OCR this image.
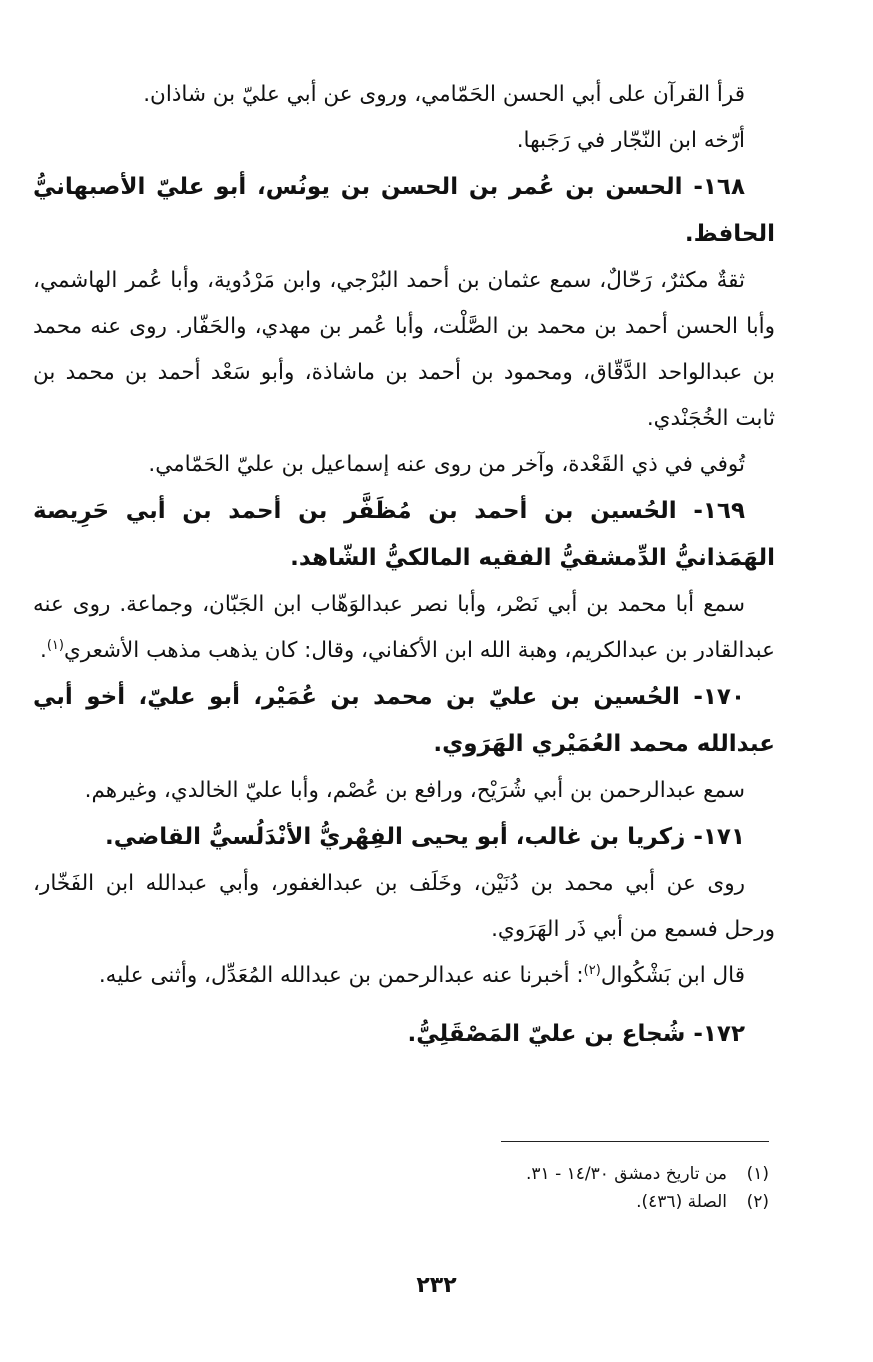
قرأ القرآن على أبي الحسن الحَمّامي، وروى عن أبي عليّ بن شاذان.

أرّخه ابن النّجّار في رَجَبها.

١٦٨- الحسن بن عُمر بن الحسن بن يونُس، أبو عليّ الأصبهانيُّ الحافظ.

ثقةٌ مكثرٌ، رَحّالٌ، سمع عثمان بن أحمد البُرْجي، وابن مَرْدُوية، وأبا عُمر الهاشمي، وأبا الحسن أحمد بن محمد بن الصَّلْت، وأبا عُمر بن مهدي، والحَفّار. روى عنه محمد بن عبدالواحد الدَّقّاق، ومحمود بن أحمد بن ماشاذة، وأبو سَعْد أحمد بن محمد بن ثابت الخُجَنْدي.

تُوفي في ذي القَعْدة، وآخر من روى عنه إسماعيل بن عليّ الحَمّامي.

١٦٩- الحُسين بن أحمد بن مُظَفَّر بن أحمد بن أبي حَرِيصة الهَمَذانيُّ الدِّمشقيُّ الفقيه المالكيُّ الشّاهد.

سمع أبا محمد بن أبي نَصْر، وأبا نصر عبدالوَهّاب ابن الجَبّان، وجماعة. روى عنه عبدالقادر بن عبدالكريم، وهبة الله ابن الأكفاني، وقال: كان يذهب مذهب الأشعري$^{(١)}$.

١٧٠- الحُسين بن عليّ بن محمد بن عُمَيْر، أبو عليّ، أخو أبي عبدالله محمد العُمَيْري الهَرَوي.

سمع عبدالرحمن بن أبي شُرَيْح، ورافع بن عُصْم، وأبا عليّ الخالدي، وغيرهم.

١٧١- زكريا بن غالب، أبو يحيى الفِهْريُّ الأنْدَلُسيُّ القاضي.

روى عن أبي محمد بن دُنَيْن، وخَلَف بن عبدالغفور، وأبي عبدالله ابن الفَخّار، ورحل فسمع من أبي ذَر الهَرَوي.

قال ابن بَشْكُوال$^{(٢)}$: أخبرنا عنه عبدالرحمن بن عبدالله المُعَدِّل، وأثنى عليه.

١٧٢- شُجاع بن عليّ المَصْقَلِيُّ.

(١)من تاريخ دمشق ١٤/٣٠ - ٣١.
(٢)الصلة (٤٣٦).
٢٣٢
